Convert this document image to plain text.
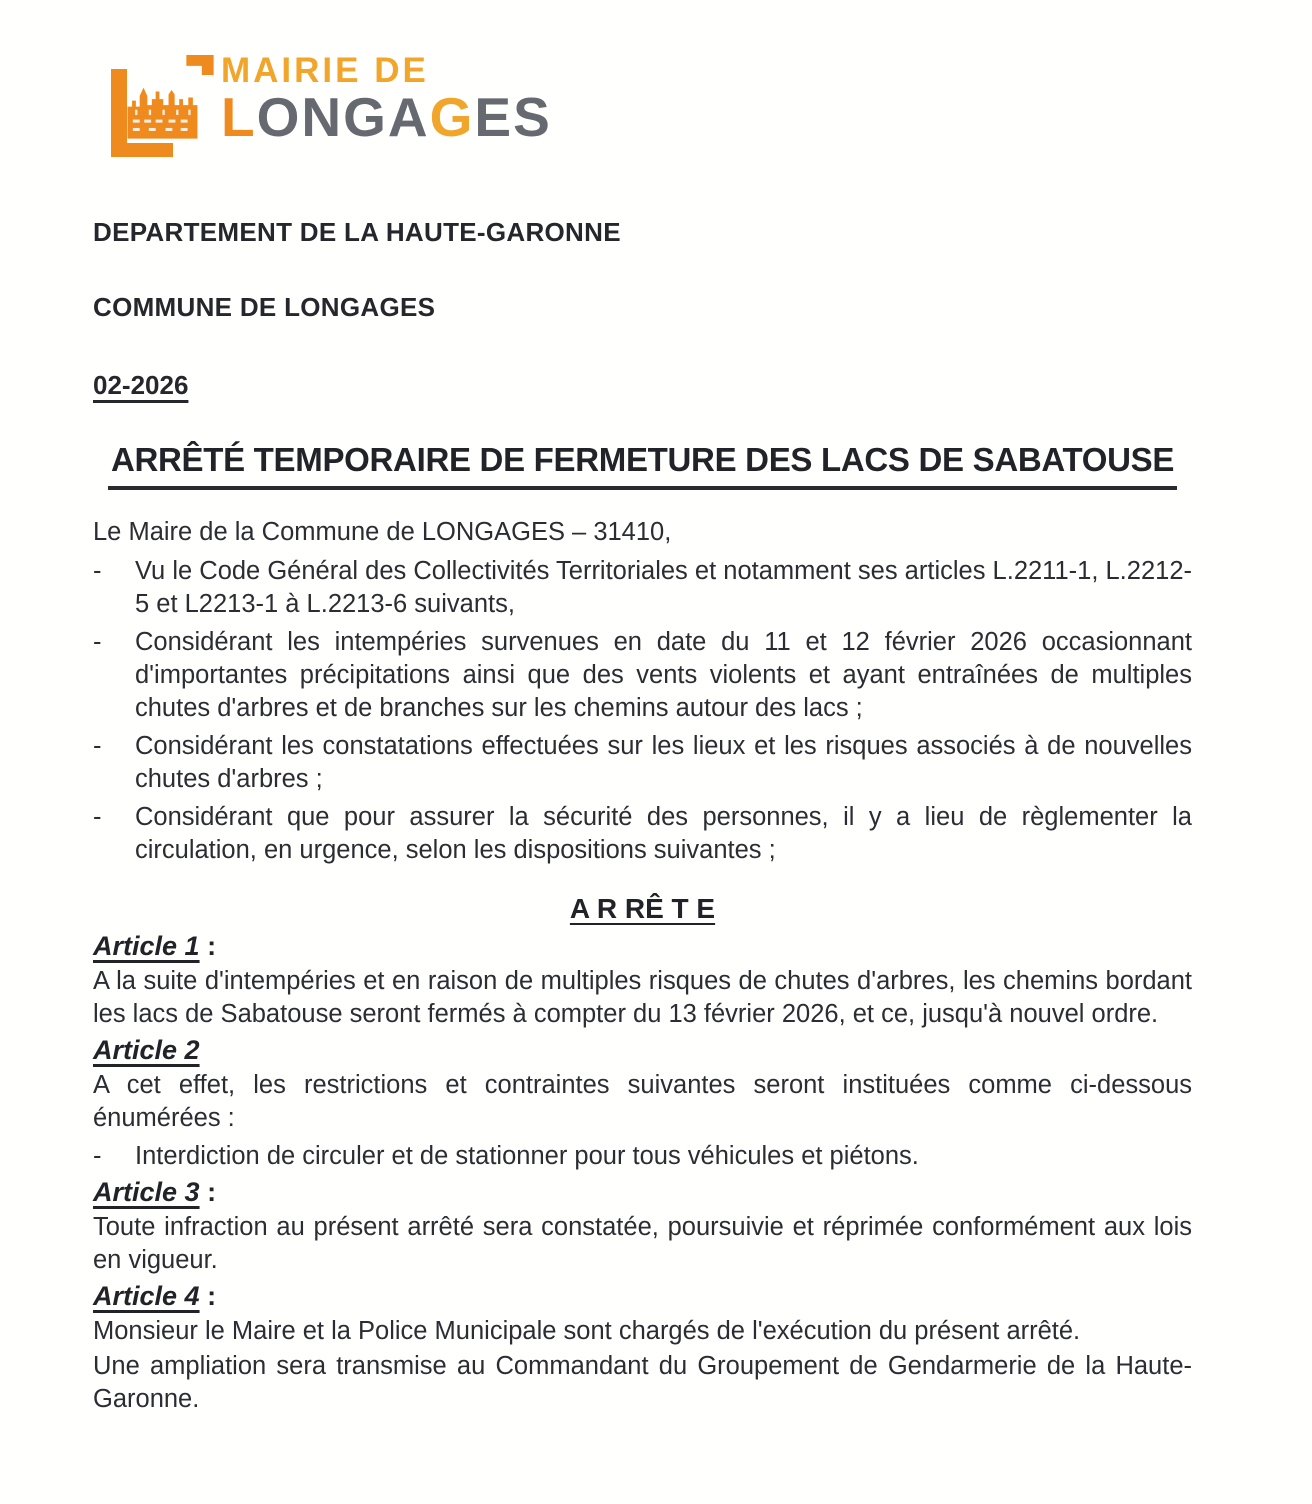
MAIRIE DE
LONGAGES
DEPARTEMENT DE LA HAUTE-GARONNE
COMMUNE DE LONGAGES
02-2026
ARRÊTÉ TEMPORAIRE DE FERMETURE DES LACS DE SABATOUSE

Le Maire de la Commune de LONGAGES – 31410,

-	Vu le Code Général des Collectivités Territoriales et notamment ses articles L.2211-1, L.2212-5 et L2213-1 à L.2213-6 suivants,
-	Considérant les intempéries survenues en date du 11 et 12 février 2026 occasionnant d'importantes précipitations ainsi que des vents violents et ayant entraînées de multiples chutes d'arbres et de branches sur les chemins autour des lacs ;
-	Considérant les constatations effectuées sur les lieux et les risques associés à de nouvelles chutes d'arbres ;
-	Considérant que pour assurer la sécurité des personnes, il y a lieu de règlementer la circulation, en urgence, selon les dispositions suivantes ;
A R RÊ T E
Article 1 :

A la suite d'intempéries et en raison de multiples risques de chutes d'arbres, les chemins bordant les lacs de Sabatouse seront fermés à compter du 13 février 2026, et ce, jusqu'à nouvel ordre.

Article 2

A cet effet, les restrictions et contraintes suivantes seront instituées comme ci-dessous énumérées :

-	Interdiction de circuler et de stationner pour tous véhicules et piétons.
Article 3 :

Toute infraction au présent arrêté sera constatée, poursuivie et réprimée conformément aux lois en vigueur.

Article 4 :

Monsieur le Maire et la Police Municipale sont chargés de l'exécution du présent arrêté.

Une ampliation sera transmise au Commandant du Groupement de Gendarmerie de la Haute-Garonne.
